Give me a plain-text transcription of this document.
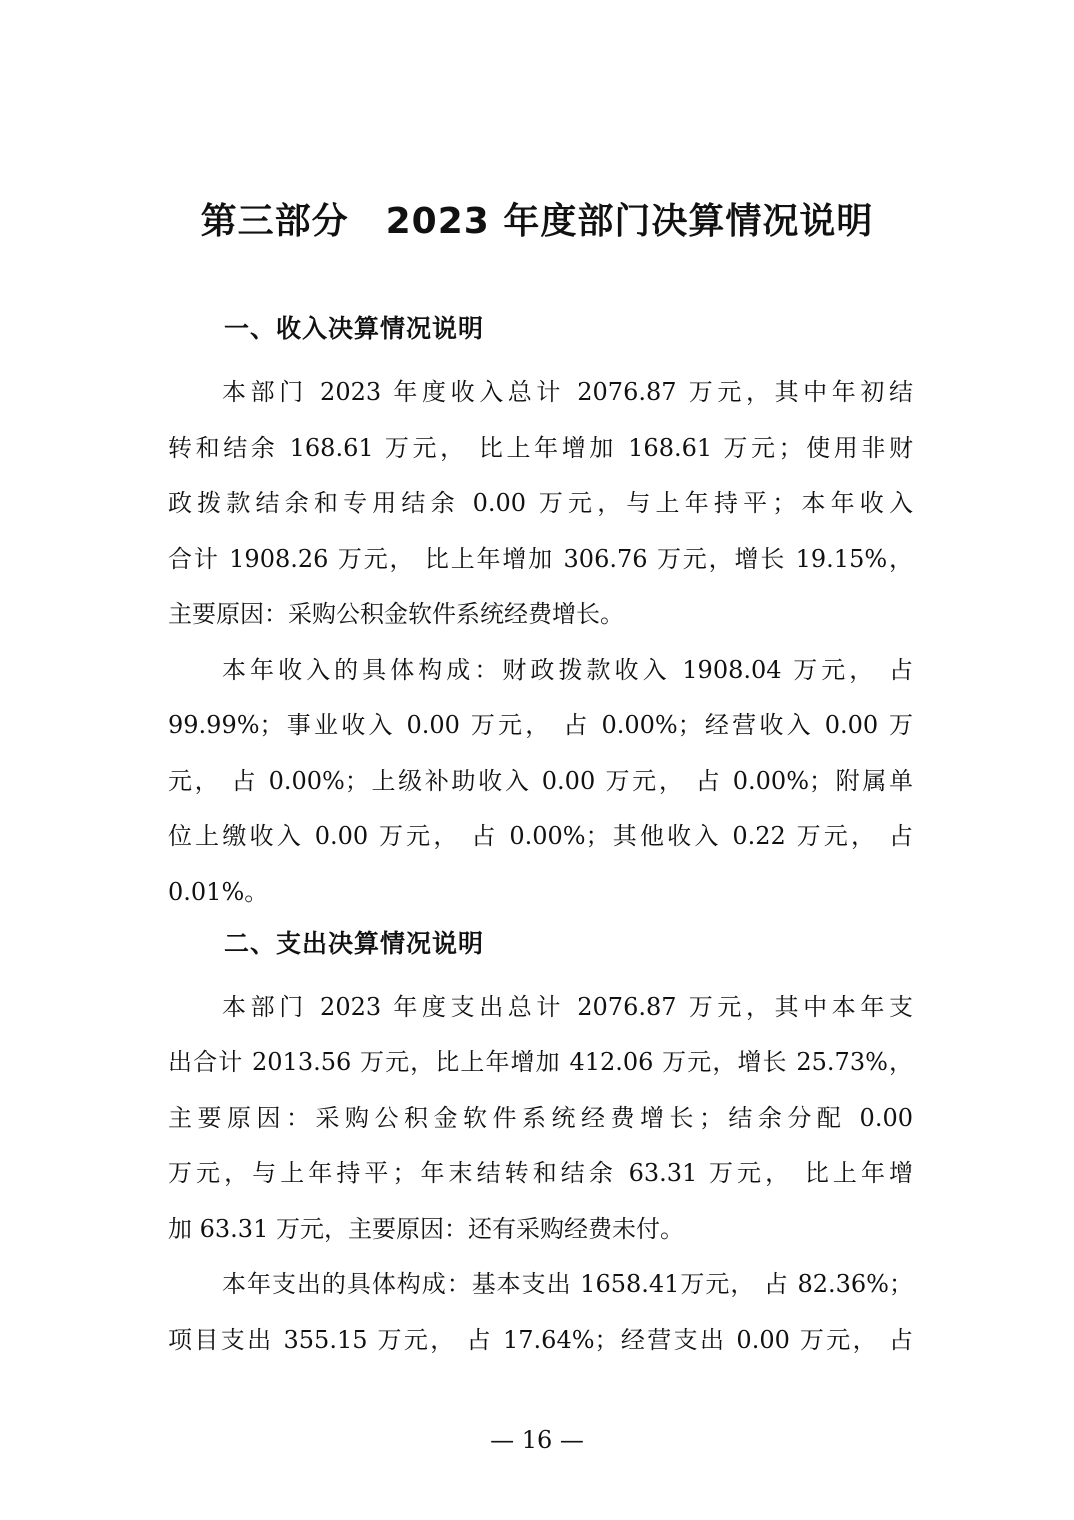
第三部分　2023 年度部门决算情况说明
一、收入决算情况说明

本部门 2023 年度收入总计 2076.87 万元，其中年初结

转和结余 168.61 万元， 比上年增加 168.61 万元；使用非财

政拨款结余和专用结余 0.00 万元，与上年持平；本年收入

合计 1908.26 万元， 比上年增加 306.76 万元，增长 19.15%，

主要原因：采购公积金软件系统经费增长。

本年收入的具体构成：财政拨款收入 1908.04 万元， 占

99.99%；事业收入 0.00 万元， 占 0.00%；经营收入 0.00 万

元， 占 0.00%；上级补助收入 0.00 万元， 占 0.00%；附属单

位上缴收入 0.00 万元， 占 0.00%；其他收入 0.22 万元， 占

0.01%。

二、支出决算情况说明

本部门 2023 年度支出总计 2076.87 万元，其中本年支

出合计 2013.56 万元，比上年增加 412.06 万元，增长 25.73%，

主要原因：采购公积金软件系统经费增长；结余分配 0.00

万元，与上年持平；年末结转和结余 63.31 万元， 比上年增

加 63.31 万元，主要原因：还有采购经费未付。

本年支出的具体构成：基本支出 1658.41万元， 占 82.36%；

项目支出 355.15 万元， 占 17.64%；经营支出 0.00 万元， 占

— 16 —
